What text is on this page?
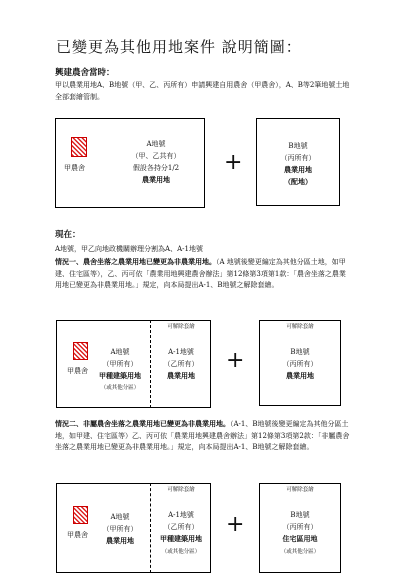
已變更為其他用地案件 說明簡圖：
興建農舍當時：
甲以農業用地A、B地號（甲、乙、丙所有）申請興建自用農舍（甲農舍），A、B等2筆地號土地全部套繪管制。
甲農舍
A地號
（甲、乙共有）
假設各持分1/2
農業用地
+
B地號
（丙所有）
農業用地
（配地）
現在：
A地號，甲乙向地政機關辦理分割為A、A-1地號
情況一、農舍坐落之農業用地已變更為非農業用地。（A 地號後變更編定為其他分區土地，如甲建、住宅區等），乙、丙可依「農業用地興建農舍辦法」第12條第3項第1款：「農舍坐落之農業用地已變更為非農業用地。」規定，向本局提出A-1、B地號之解除套繪。
甲農舍
A地號
（甲所有）
甲種建築用地
（或其他分區）
可解除套繪
A-1地號
（乙所有）
農業用地
+
可解除套繪
B地號
（丙所有）
農業用地
情況二、非屬農舍坐落之農業用地已變更為非農業用地。（A-1、B地號後變更編定為其他分區土地，如甲建、住宅區等）乙、丙可依「農業用地興建農舍辦法」第12條第3項第2款：「非屬農舍坐落之農業用地已變更為非農業用地。」規定，向本局提出A-1、B地號之解除套繪。
甲農舍
A地號
（甲所有）
農業用地
可解除套繪
A-1地號
（乙所有）
甲種建築用地
（或其他分區）
+
可解除套繪
B地號
（丙所有）
住宅區用地
（或其他分區）
